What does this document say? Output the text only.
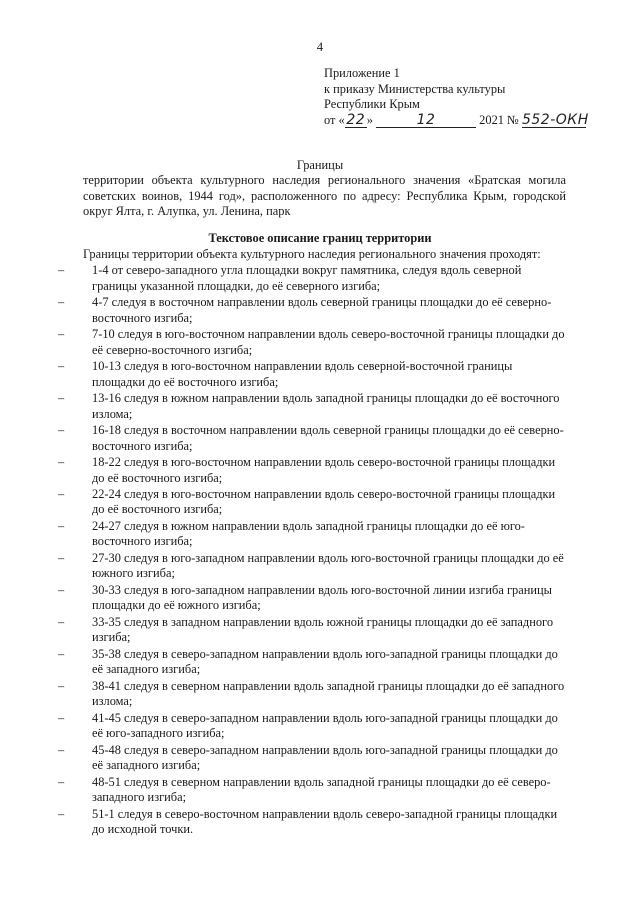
4
Приложение 1
к приказу Министерства культуры
Республики Крым
от « 22 »	12	2021 № 552-ОКН
Границы
территории объекта культурного наследия регионального значения «Братская могила советских воинов, 1944 год», расположенного по адресу: Республика Крым, городской округ Ялта, г. Алупка, ул. Ленина, парк
Текстовое описание границ территории
Границы территории объекта культурного наследия регионального значения проходят:
– 1-4 от северо-западного угла площадки вокруг памятника, следуя вдоль северной границы указанной площадки, до её северного изгиба;
– 4-7 следуя в восточном направлении вдоль северной границы площадки до её северно-восточного изгиба;
– 7-10 следуя в юго-восточном направлении вдоль северо-восточной границы площадки до её северно-восточного изгиба;
– 10-13 следуя в юго-восточном направлении вдоль северной-восточной границы площадки до её восточного изгиба;
– 13-16 следуя в южном направлении вдоль западной границы площадки до её восточного излома;
– 16-18 следуя в восточном направлении вдоль северной границы площадки до её северно-восточного изгиба;
– 18-22 следуя в юго-восточном направлении вдоль северо-восточной границы площадки до её восточного изгиба;
– 22-24 следуя в юго-восточном направлении вдоль северо-восточной границы площадки до её восточного изгиба;
– 24-27 следуя в южном направлении вдоль западной границы площадки до её юго-восточного изгиба;
– 27-30 следуя в юго-западном направлении вдоль юго-восточной границы площадки до её южного изгиба;
– 30-33 следуя в юго-западном направлении вдоль юго-восточной линии изгиба границы площадки до её южного изгиба;
– 33-35 следуя в западном направлении вдоль южной границы площадки до её западного изгиба;
– 35-38 следуя в северо-западном направлении вдоль юго-западной границы площадки до её западного изгиба;
– 38-41 следуя в северном направлении вдоль западной границы площадки до её западного излома;
– 41-45 следуя в северо-западном направлении вдоль юго-западной границы площадки до её юго-западного изгиба;
– 45-48 следуя в северо-западном направлении вдоль юго-западной границы площадки до её западного изгиба;
– 48-51 следуя в северном направлении вдоль западной границы площадки до её северо-западного изгиба;
– 51-1 следуя в северо-восточном направлении вдоль северо-западной границы площадки до исходной точки.
